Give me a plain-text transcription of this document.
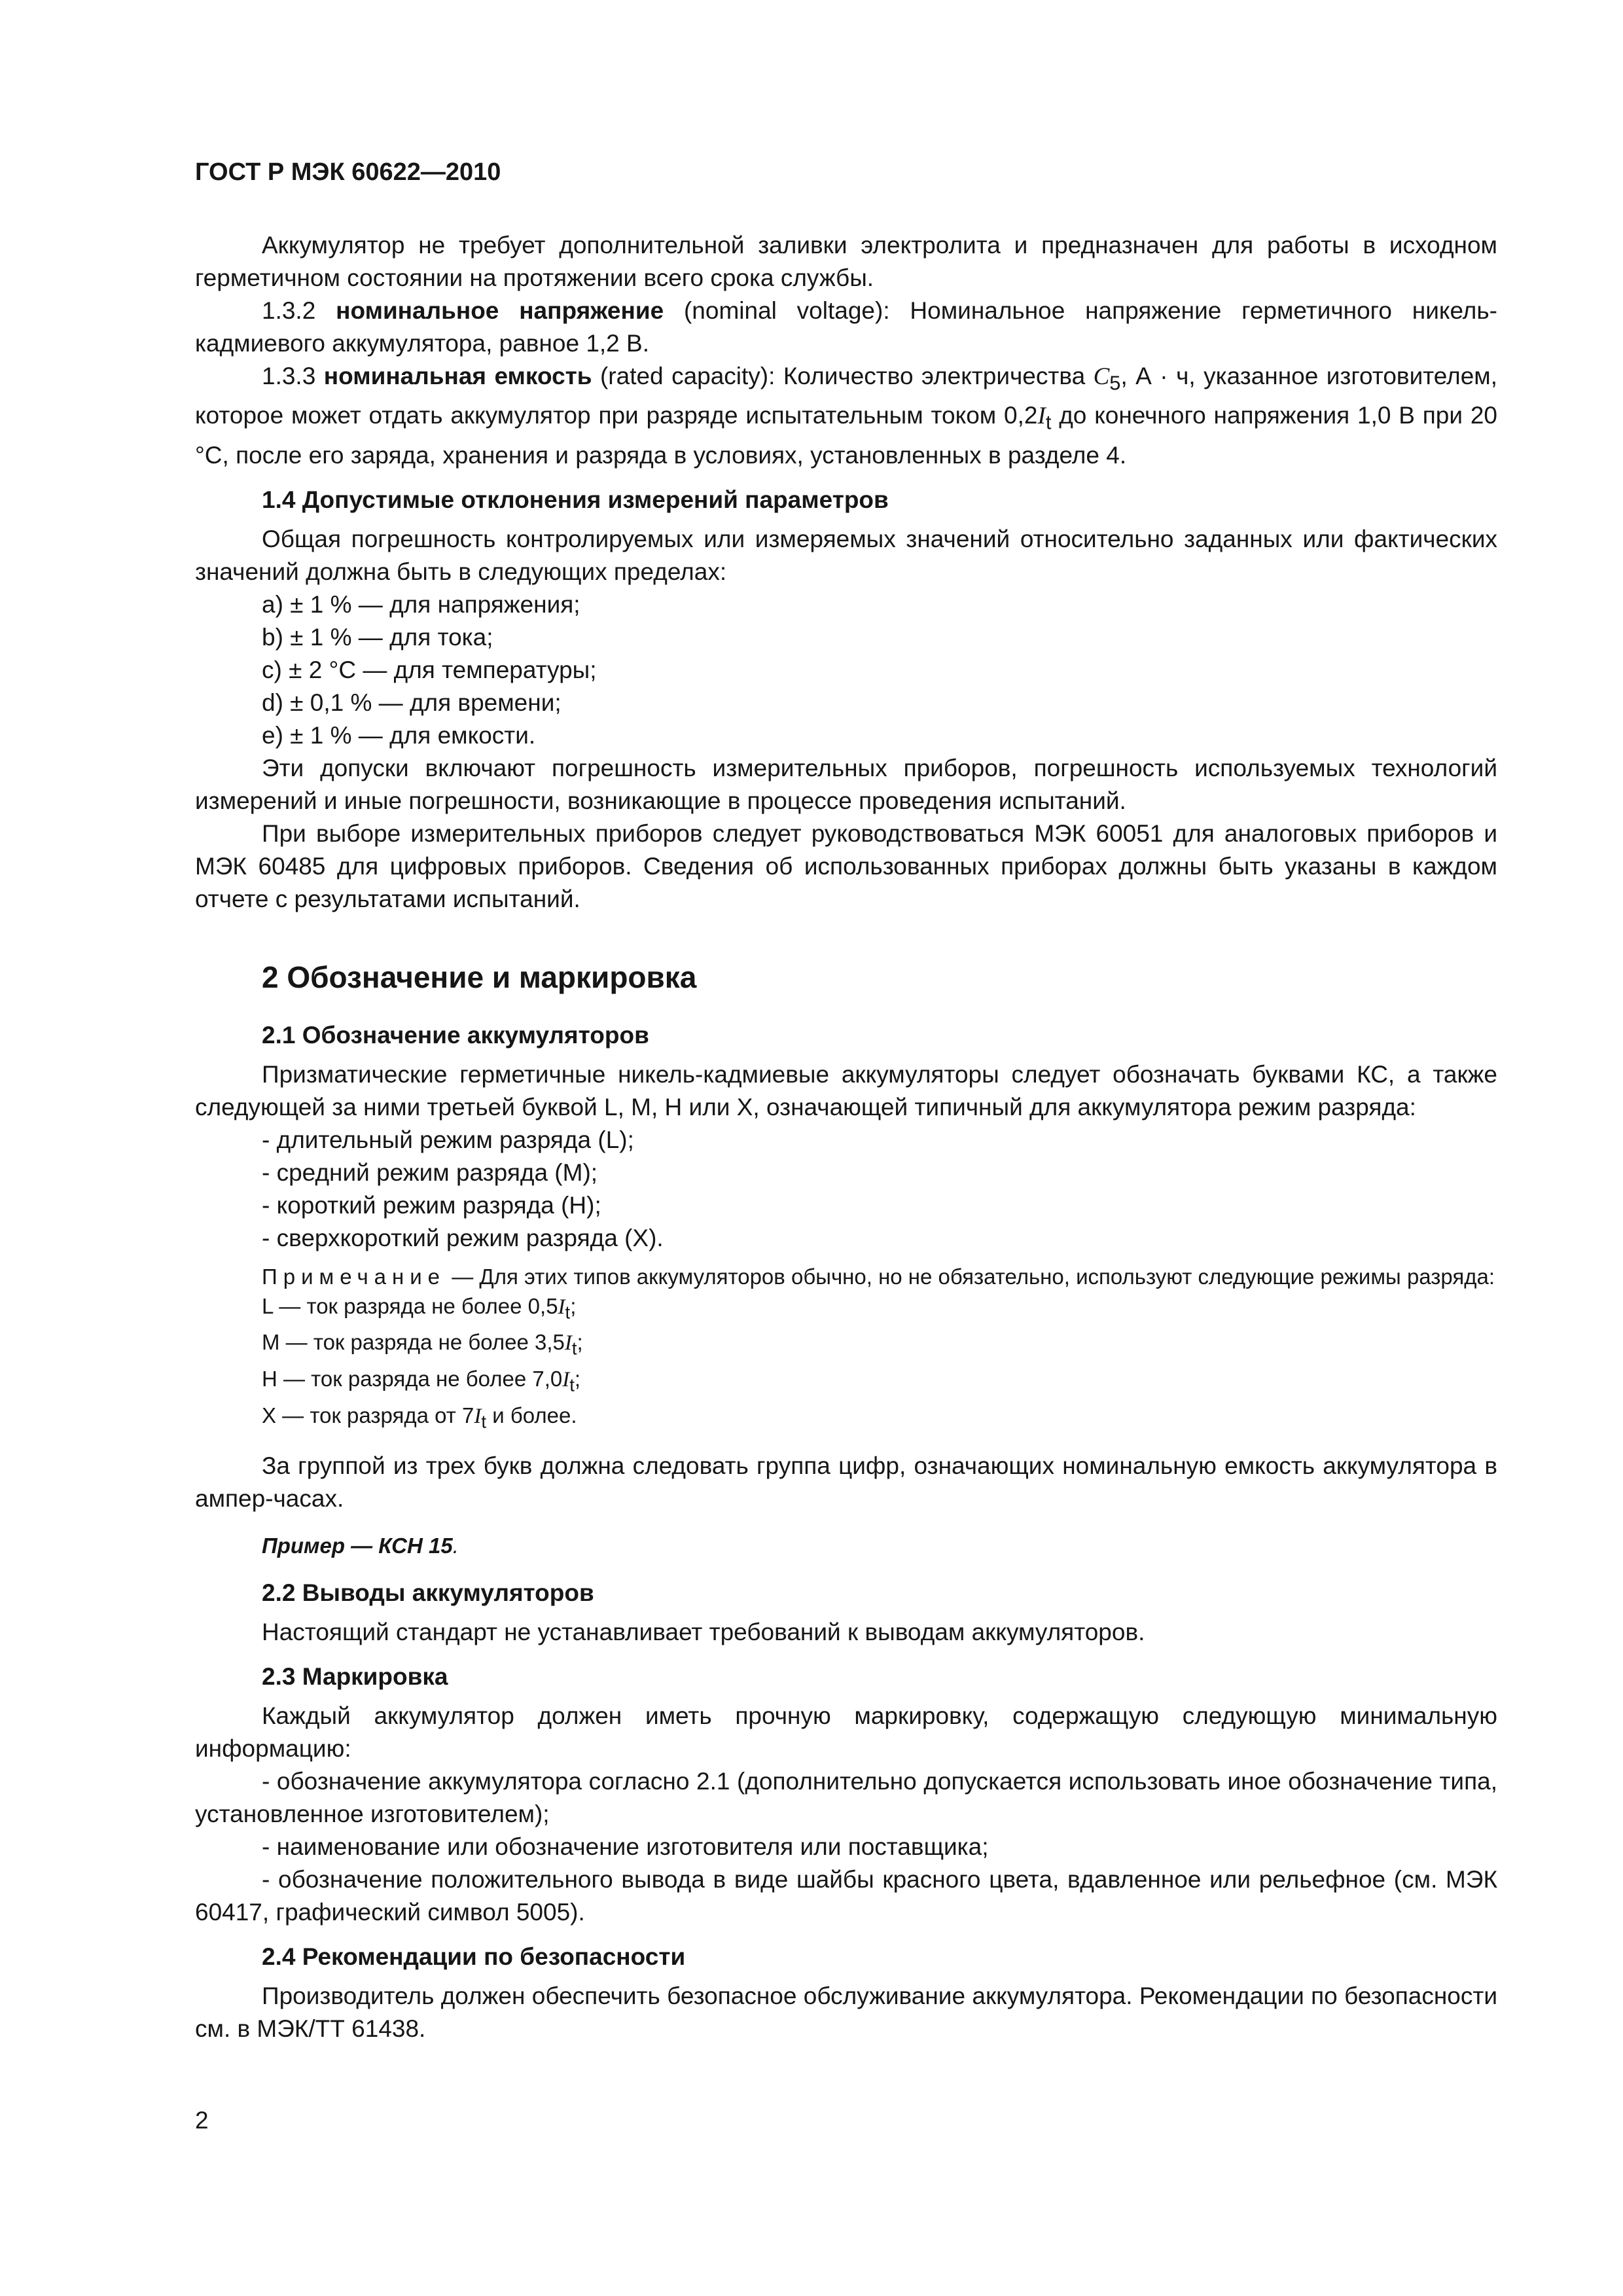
ГОСТ Р МЭК 60622—2010

Аккумулятор не требует дополнительной заливки электролита и предназначен для работы в исходном герметичном состоянии на протяжении всего срока службы.

1.3.2 номинальное напряжение (nominal voltage): Номинальное напряжение герметичного никель-кадмиевого аккумулятора, равное 1,2 В.

1.3.3 номинальная емкость (rated capacity): Количество электричества $C_5$, А · ч, указанное изготовителем, которое может отдать аккумулятор при разряде испытательным током $0,2I_t$ до конечного напряжения 1,0 В при 20 °С, после его заряда, хранения и разряда в условиях, установленных в разделе 4.

1.4 Допустимые отклонения измерений параметров

Общая погрешность контролируемых или измеряемых значений относительно заданных или фактических значений должна быть в следующих пределах:

a) ± 1 % — для напряжения;
b) ± 1 % — для тока;
c) ± 2 °С — для температуры;
d) ± 0,1 % — для времени;
e) ± 1 % — для емкости.

Эти допуски включают погрешность измерительных приборов, погрешность используемых технологий измерений и иные погрешности, возникающие в процессе проведения испытаний.

При выборе измерительных приборов следует руководствоваться МЭК 60051 для аналоговых приборов и МЭК 60485 для цифровых приборов. Сведения об использованных приборах должны быть указаны в каждом отчете с результатами испытаний.

2 Обозначение и маркировка
2.1 Обозначение аккумуляторов

Призматические герметичные никель-кадмиевые аккумуляторы следует обозначать буквами КС, а также следующей за ними третьей буквой L, M, H или X, означающей типичный для аккумулятора режим разряда:

- длительный режим разряда (L);
- средний режим разряда (M);
- короткий режим разряда (H);
- сверхкороткий режим разряда (X).

Примечание — Для этих типов аккумуляторов обычно, но не обязательно, используют следующие режимы разряда:

L — ток разряда не более $0,5I_t$;
M — ток разряда не более $3,5I_t$;
H — ток разряда не более $7,0I_t$;
X — ток разряда от $7I_t$ и более.

За группой из трех букв должна следовать группа цифр, означающих номинальную емкость аккумулятора в ампер-часах.

Пример — КСН 15.

2.2 Выводы аккумуляторов

Настоящий стандарт не устанавливает требований к выводам аккумуляторов.

2.3 Маркировка

Каждый аккумулятор должен иметь прочную маркировку, содержащую следующую минимальную информацию:

- обозначение аккумулятора согласно 2.1 (дополнительно допускается использовать иное обозначение типа, установленное изготовителем);

- наименование или обозначение изготовителя или поставщика;

- обозначение положительного вывода в виде шайбы красного цвета, вдавленное или рельефное (см. МЭК 60417, графический символ 5005).

2.4 Рекомендации по безопасности

Производитель должен обеспечить безопасное обслуживание аккумулятора. Рекомендации по безопасности см. в МЭК/ТТ 61438.

2
